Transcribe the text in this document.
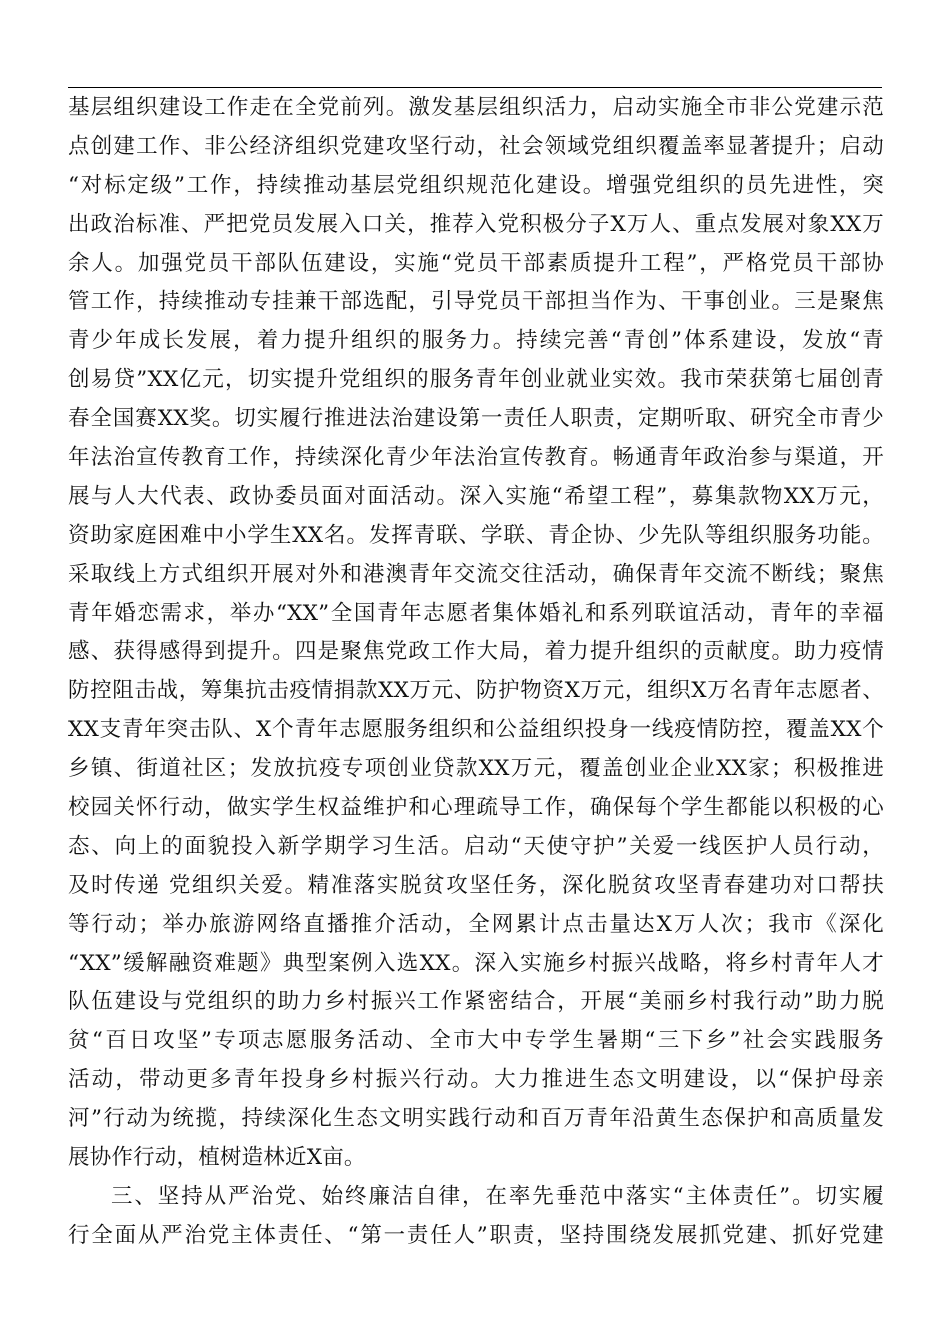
基层组织建设工作走在全党前列。激发基层组织活力，启动实施全市非公党建示范
点创建工作、非公经济组织党建攻坚行动，社会领域党组织覆盖率显著提升；启动
“对标定级”工作，持续推动基层党组织规范化建设。增强党组织的员先进性，突
出政治标准、严把党员发展入口关，推荐入党积极分子X万人、重点发展对象XX万
余人。加强党员干部队伍建设，实施“党员干部素质提升工程”，严格党员干部协
管工作，持续推动专挂兼干部选配，引导党员干部担当作为、干事创业。三是聚焦
青少年成长发展，着力提升组织的服务力。持续完善“青创”体系建设，发放“青
创易贷”XX亿元，切实提升党组织的服务青年创业就业实效。我市荣获第七届创青
春全国赛XX奖。切实履行推进法治建设第一责任人职责，定期听取、研究全市青少
年法治宣传教育工作，持续深化青少年法治宣传教育。畅通青年政治参与渠道，开
展与人大代表、政协委员面对面活动。深入实施“希望工程”，募集款物XX万元，
资助家庭困难中小学生XX名。发挥青联、学联、青企协、少先队等组织服务功能。
采取线上方式组织开展对外和港澳青年交流交往活动，确保青年交流不断线；聚焦
青年婚恋需求，举办“XX”全国青年志愿者集体婚礼和系列联谊活动，青年的幸福
感、获得感得到提升。四是聚焦党政工作大局，着力提升组织的贡献度。助力疫情
防控阻击战，筹集抗击疫情捐款XX万元、防护物资X万元，组织X万名青年志愿者、
XX支青年突击队、X个青年志愿服务组织和公益组织投身一线疫情防控，覆盖XX个
乡镇、街道社区；发放抗疫专项创业贷款XX万元，覆盖创业企业XX家；积极推进
校园关怀行动，做实学生权益维护和心理疏导工作，确保每个学生都能以积极的心
态、向上的面貌投入新学期学习生活。启动“天使守护”关爱一线医护人员行动，
及时传递 党组织关爱。精准落实脱贫攻坚任务，深化脱贫攻坚青春建功对口帮扶
等行动；举办旅游网络直播推介活动，全网累计点击量达X万人次；我市《深化
“XX”缓解融资难题》典型案例入选XX。深入实施乡村振兴战略，将乡村青年人才
队伍建设与党组织的助力乡村振兴工作紧密结合，开展“美丽乡村我行动”助力脱
贫“百日攻坚”专项志愿服务活动、全市大中专学生暑期“三下乡”社会实践服务
活动，带动更多青年投身乡村振兴行动。大力推进生态文明建设，以“保护母亲
河”行动为统揽，持续深化生态文明实践行动和百万青年沿黄生态保护和高质量发
展协作行动，植树造林近X亩。
三、坚持从严治党、始终廉洁自律，在率先垂范中落实“主体责任”。切实履
行全面从严治党主体责任、“第一责任人”职责，坚持围绕发展抓党建、抓好党建
